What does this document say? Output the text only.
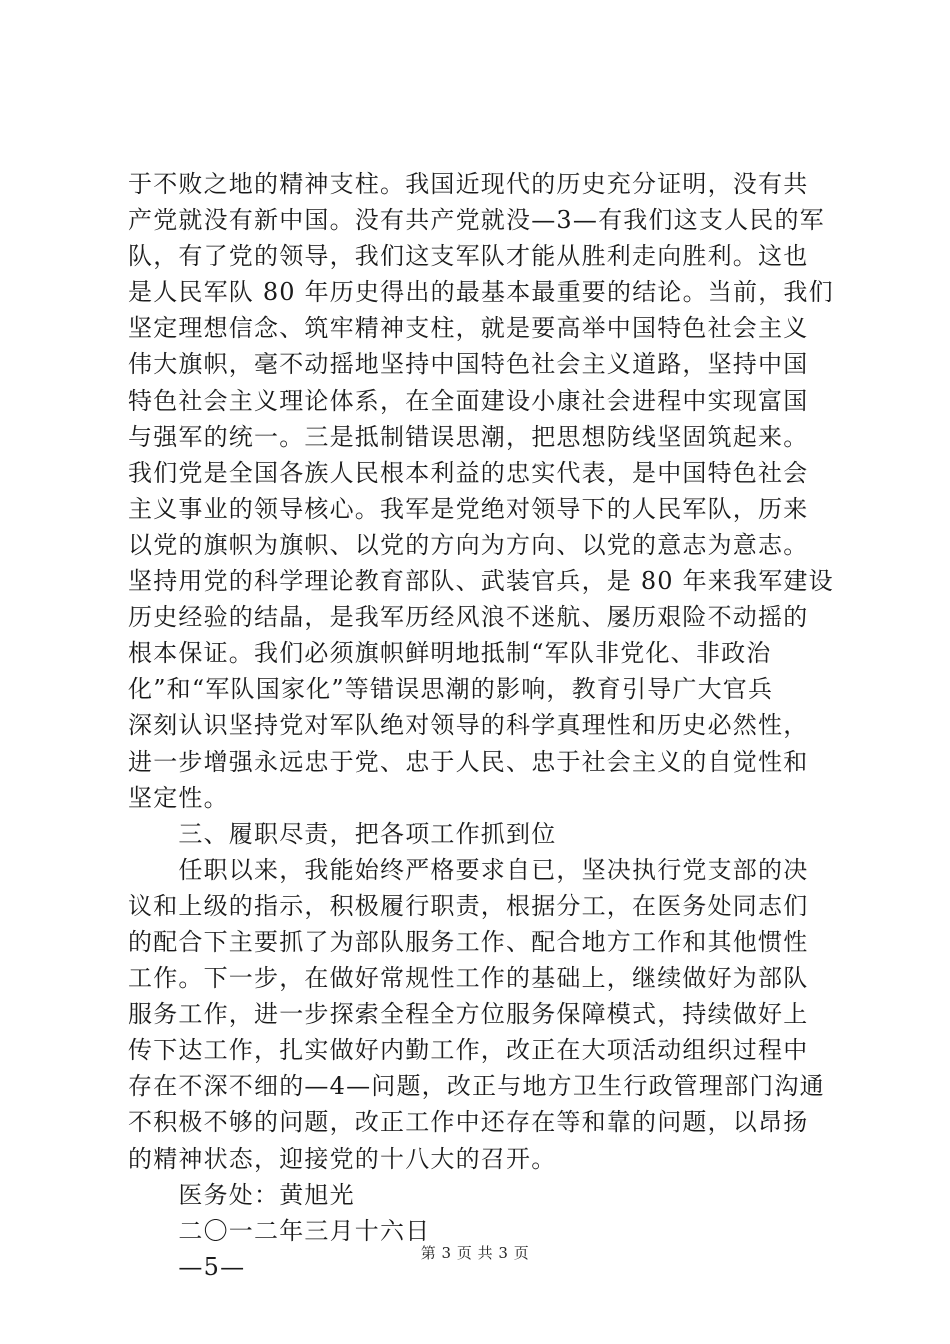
于不败之地的精神支柱。我国近现代的历史充分证明，没有共

产党就没有新中国。没有共产党就没—3—有我们这支人民的军

队，有了党的领导，我们这支军队才能从胜利走向胜利。这也

是人民军队 80 年历史得出的最基本最重要的结论。当前，我们

坚定理想信念、筑牢精神支柱，就是要高举中国特色社会主义

伟大旗帜，毫不动摇地坚持中国特色社会主义道路，坚持中国

特色社会主义理论体系，在全面建设小康社会进程中实现富国

与强军的统一。三是抵制错误思潮，把思想防线坚固筑起来。

我们党是全国各族人民根本利益的忠实代表，是中国特色社会

主义事业的领导核心。我军是党绝对领导下的人民军队，历来

以党的旗帜为旗帜、以党的方向为方向、以党的意志为意志。

坚持用党的科学理论教育部队、武装官兵，是 80 年来我军建设

历史经验的结晶，是我军历经风浪不迷航、屡历艰险不动摇的

根本保证。我们必须旗帜鲜明地抵制“军队非党化、非政治

化”和“军队国家化”等错误思潮的影响，教育引导广大官兵

深刻认识坚持党对军队绝对领导的科学真理性和历史必然性，

进一步增强永远忠于党、忠于人民、忠于社会主义的自觉性和

坚定性。

　　三、履职尽责，把各项工作抓到位

　　任职以来，我能始终严格要求自已，坚决执行党支部的决

议和上级的指示，积极履行职责，根据分工，在医务处同志们

的配合下主要抓了为部队服务工作、配合地方工作和其他惯性

工作。下一步，在做好常规性工作的基础上，继续做好为部队

服务工作，进一步探索全程全方位服务保障模式，持续做好上

传下达工作，扎实做好内勤工作，改正在大项活动组织过程中

存在不深不细的—4—问题，改正与地方卫生行政管理部门沟通

不积极不够的问题，改正工作中还存在等和靠的问题，以昂扬

的精神状态，迎接党的十八大的召开。

　　医务处：黄旭光

　　二〇一二年三月十六日

　　—5—	第 3 页 共 3 页
